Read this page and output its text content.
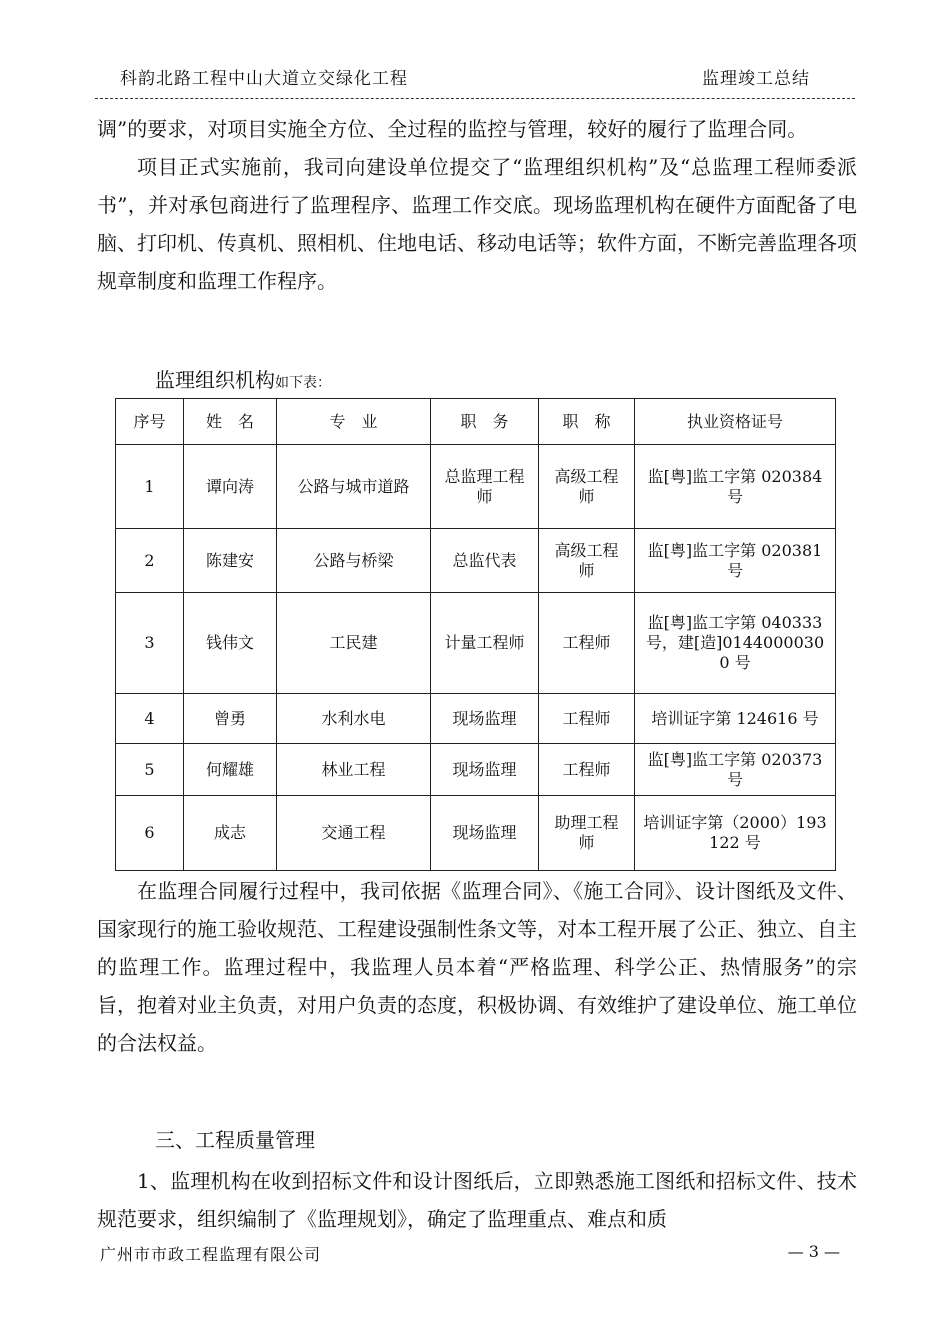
科韵北路工程中山大道立交绿化工程	监理竣工总结

调”的要求，对项目实施全方位、全过程的监控与管理，较好的履行了监理合同。

项目正式实施前，我司向建设单位提交了“监理组织机构”及“总监理工程师委派书”，并对承包商进行了监理程序、监理工作交底。现场监理机构在硬件方面配备了电脑、打印机、传真机、照相机、住地电话、移动电话等；软件方面，不断完善监理各项规章制度和监理工作程序。

监理组织机构如下表：
序号	姓　名	专　业	职　务	职　称	执业资格证号
1	谭向涛	公路与城市道路	总监理工程师	高级工程师	监[粤]监工字第 020384 号
2	陈建安	公路与桥梁	总监代表	高级工程师	监[粤]监工字第 020381 号
3	钱伟文	工民建	计量工程师	工程师	监[粤]监工字第 040333 号，建[造]01440000300 号
4	曾勇	水利水电	现场监理	工程师	培训证字第 124616 号
5	何耀雄	林业工程	现场监理	工程师	监[粤]监工字第 020373 号
6	成志	交通工程	现场监理	助理工程师	培训证字第（2000）193122 号

在监理合同履行过程中，我司依据《监理合同》、《施工合同》、设计图纸及文件、国家现行的施工验收规范、工程建设强制性条文等，对本工程开展了公正、独立、自主的监理工作。监理过程中，我监理人员本着“严格监理、科学公正、热情服务”的宗旨，抱着对业主负责，对用户负责的态度，积极协调、有效维护了建设单位、施工单位的合法权益。

三、工程质量管理

1、监理机构在收到招标文件和设计图纸后，立即熟悉施工图纸和招标文件、技术规范要求，组织编制了《监理规划》，确定了监理重点、难点和质

广州市市政工程监理有限公司	— 3 —
